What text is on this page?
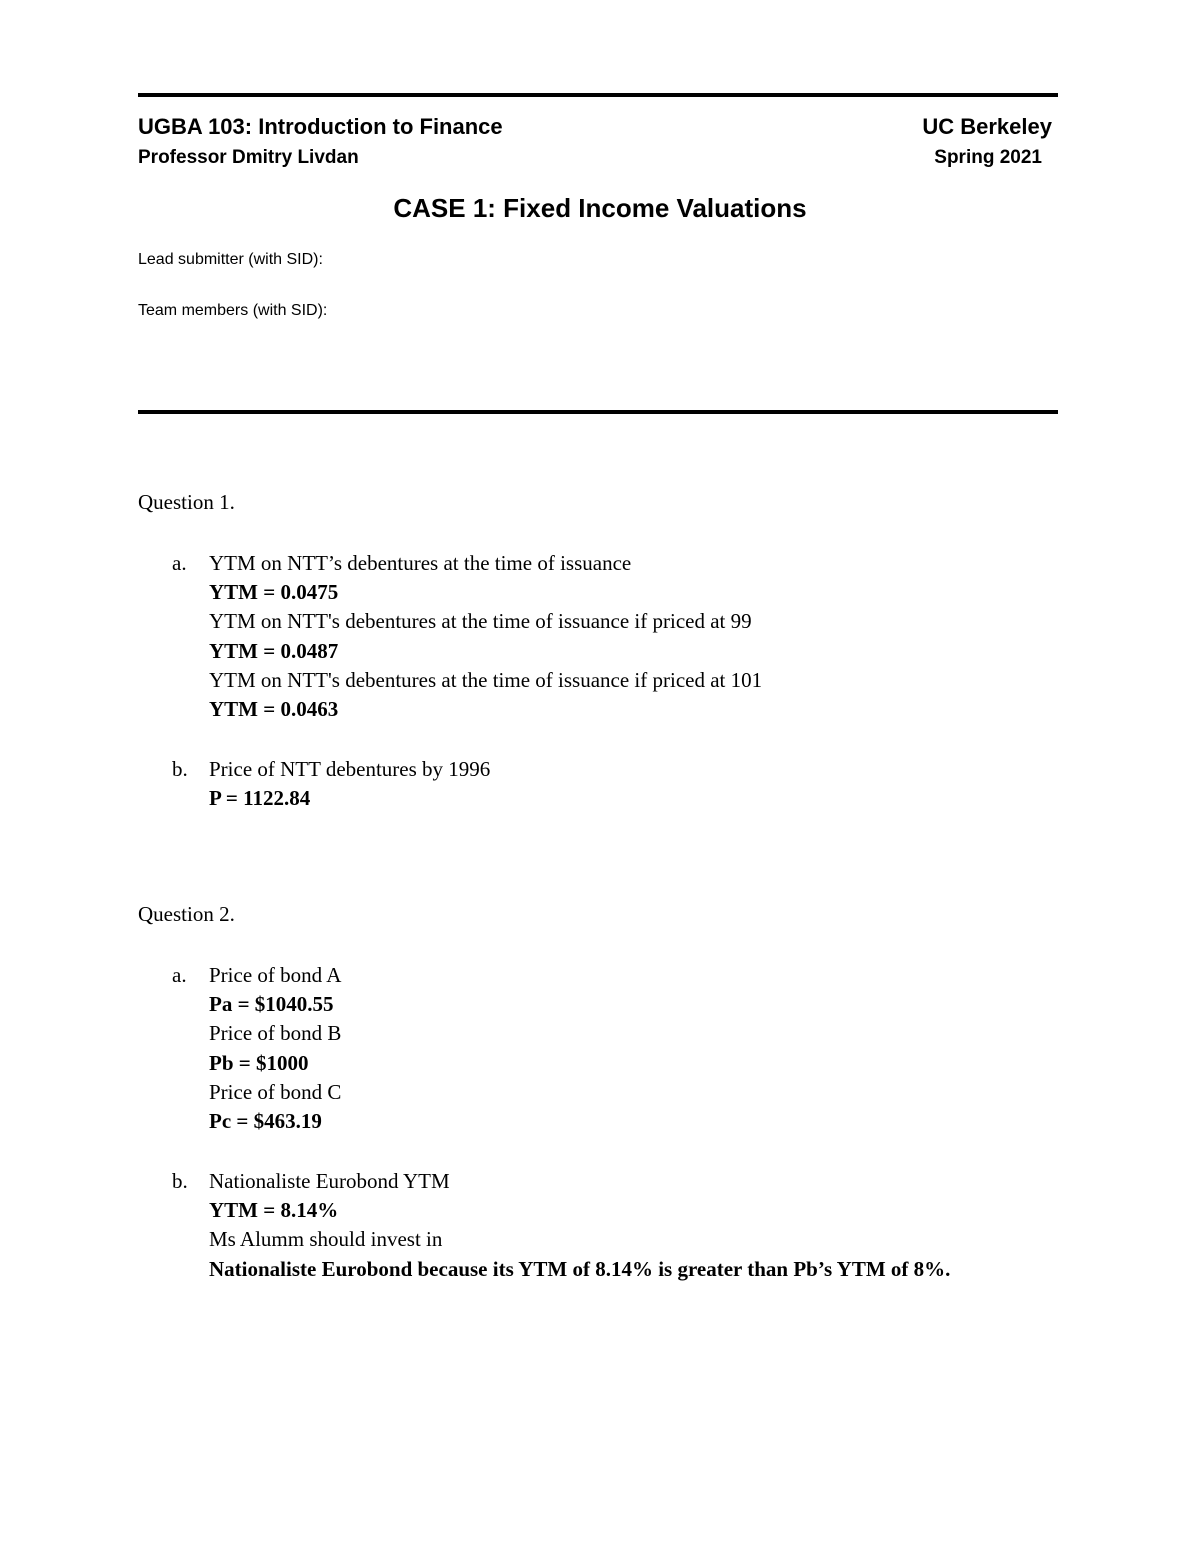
UGBA 103: Introduction to Finance	UC Berkeley
Professor Dmitry Livdan	Spring 2021
CASE 1: Fixed Income Valuations
Lead submitter (with SID):
Team members (with SID):
Question 1.
a. YTM on NTT’s debentures at the time of issuance
YTM = 0.0475
YTM on NTT's debentures at the time of issuance if priced at 99
YTM = 0.0487
YTM on NTT's debentures at the time of issuance if priced at 101
YTM = 0.0463
b. Price of NTT debentures by 1996
P = 1122.84
Question 2.
a. Price of bond A
Pa = $1040.55
Price of bond B
Pb = $1000
Price of bond C
Pc = $463.19
b. Nationaliste Eurobond YTM
YTM = 8.14%
Ms Alumm should invest in
Nationaliste Eurobond because its YTM of 8.14% is greater than Pb’s YTM of 8%.
